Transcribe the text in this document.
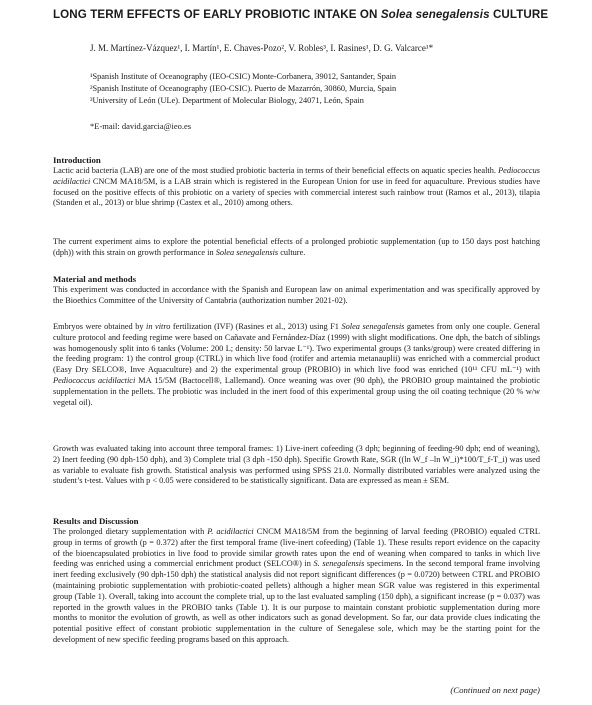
LONG TERM EFFECTS OF EARLY PROBIOTIC INTAKE ON Solea senegalensis CULTURE
J. M. Martínez-Vázquez¹, I. Martín¹, E. Chaves-Pozo², V. Robles³, I. Rasines¹, D. G. Valcarce¹*
¹Spanish Institute of Oceanography (IEO-CSIC) Monte-Corbanera, 39012, Santander, Spain
²Spanish Institute of Oceanography (IEO-CSIC). Puerto de Mazarrón, 30860, Murcia, Spain
³University of León (ULe). Department of Molecular Biology, 24071, León, Spain
*E-mail: david.garcia@ieo.es
Introduction
Lactic acid bacteria (LAB) are one of the most studied probiotic bacteria in terms of their beneficial effects on aquatic species health. Pediococcus acidilactici CNCM MA18/5M, is a LAB strain which is registered in the European Union for use in feed for aquaculture. Previous studies have focused on the positive effects of this probiotic on a variety of species with commercial interest such rainbow trout (Ramos et al., 2013), tilapia (Standen et al., 2013) or blue shrimp (Castex et al., 2010) among others.
The current experiment aims to explore the potential beneficial effects of a prolonged probiotic supplementation (up to 150 days post hatching (dph)) with this strain on growth performance in Solea senegalensis culture.
Material and methods
This experiment was conducted in accordance with the Spanish and European law on animal experimentation and was specifically approved by the Bioethics Committee of the University of Cantabria (authorization number 2021-02).
Embryos were obtained by in vitro fertilization (IVF) (Rasines et al., 2013) using F1 Solea senegalensis gametes from only one couple. General culture protocol and feeding regime were based on Cañavate and Fernández-Díaz (1999) with slight modifications. One dph, the batch of siblings was homogenously split into 6 tanks (Volume: 200 L; density: 50 larvae L⁻¹). Two experimental groups (3 tanks/group) were created differing in the feeding program: 1) the control group (CTRL) in which live food (rotifer and artemia metanauplii) was enriched with a commercial product (Easy Dry SELCO®, Inve Aquaculture) and 2) the experimental group (PROBIO) in which live food was enriched (10¹¹ CFU mL⁻¹) with Pediococcus acidilactici MA 15/5M (Bactocell®, Lallemand). Once weaning was over (90 dph), the PROBIO group maintained the probiotic supplementation in the pellets. The probiotic was included in the inert food of this experimental group using the oil coating technique (20 % w/w vegetal oil).
Growth was evaluated taking into account three temporal frames: 1) Live-inert cofeeding (3 dph; beginning of feeding-90 dph; end of weaning), 2) Inert feeding (90 dph-150 dph), and 3) Complete trial (3 dph -150 dph). Specific Growth Rate, SGR ((ln W_f –ln W_i)*100/T_f-T_i) was used as variable to evaluate fish growth. Statistical analysis was performed using SPSS 21.0. Normally distributed variables were analyzed using the student’s t-test. Values with p < 0.05 were considered to be statistically significant. Data are expressed as mean ± SEM.
Results and Discussion
The prolonged dietary supplementation with P. acidilactici CNCM MA18/5M from the beginning of larval feeding (PROBIO) equaled CTRL group in terms of growth (p = 0.372) after the first temporal frame (live-inert cofeeding) (Table 1). These results report evidence on the capacity of the bioencapsulated probiotics in live food to provide similar growth rates upon the end of weaning when compared to tanks in which live feeding was enriched using a commercial enrichment product (SELCO®) in S. senegalensis specimens. In the second temporal frame involving inert feeding exclusively (90 dph-150 dph) the statistical analysis did not report significant differences (p = 0.0720) between CTRL and PROBIO (maintaining probiotic supplementation with probiotic-coated pellets) although a higher mean SGR value was registered in this experimental group (Table 1). Overall, taking into account the complete trial, up to the last evaluated sampling (150 dph), a significant increase (p = 0.037) was reported in the growth values in the PROBIO tanks (Table 1). It is our purpose to maintain constant probiotic supplementation during more months to monitor the evolution of growth, as well as other indicators such as gonad development. So far, our data provide clues indicating the potential positive effect of constant probiotic supplementation in the culture of Senegalese sole, which may be the starting point for the development of new specific feeding programs based on this approach.
(Continued on next page)
